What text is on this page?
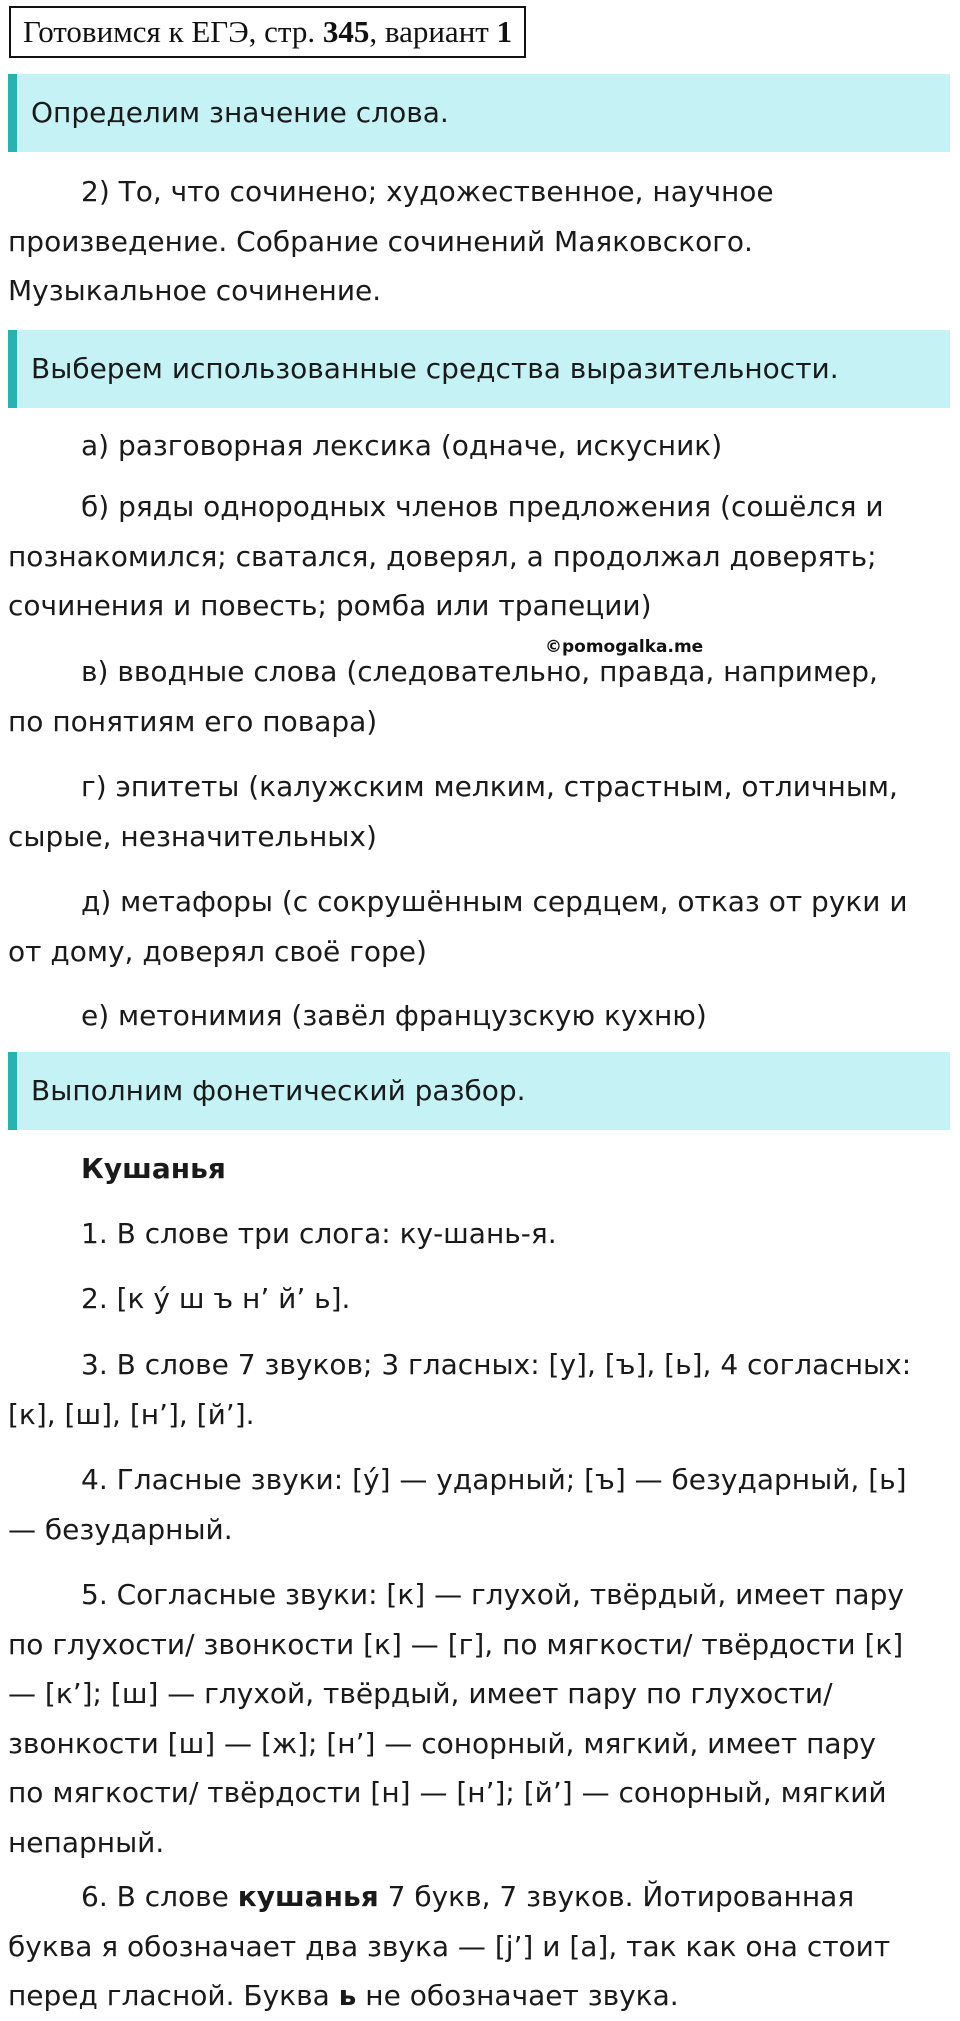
Готовимся к ЕГЭ, стр. 345, вариант 1
Определим значение слова.
2) То, что сочинено; художественное, научное
произведение. Собрание сочинений Маяковского.
Музыкальное сочинение.
Выберем использованные средства выразительности.
а) разговорная лексика (одначе, искусник)
б) ряды однородных членов предложения (сошёлся и
познакомился; сватался, доверял, а продолжал доверять;
сочинения и повесть; ромба или трапеции)
©pomogalka.me
в) вводные слова (следовательно, правда, например,
по понятиям его повара)
г) эпитеты (калужским мелким, страстным, отличным,
сырые, незначительных)
д) метафоры (с сокрушённым сердцем, отказ от руки и
от дому, доверял своё горе)
е) метонимия (завёл французскую кухню)
Выполним фонетический разбор.
Кушанья
1. В слове три слога: ку-шань-я.
2. [к ý ш ъ н’ й’ ь].
3. В слове 7 звуков; 3 гласных: [у], [ъ], [ь], 4 согласных:
[к], [ш], [н’], [й’].
4. Гласные звуки: [ý] — ударный; [ъ] — безударный, [ь]
— безударный.
5. Согласные звуки: [к] — глухой, твёрдый, имеет пару
по глухости/ звонкости [к] — [г], по мягкости/ твёрдости [к]
— [к’]; [ш] — глухой, твёрдый, имеет пару по глухости/
звонкости [ш] — [ж]; [н’] — сонорный, мягкий, имеет пару
по мягкости/ твёрдости [н] — [н’]; [й’] — сонорный, мягкий
непарный.
6. В слове кушанья 7 букв, 7 звуков. Йотированная
буква я обозначает два звука — [j’] и [а], так как она стоит
перед гласной. Буква ь не обозначает звука.
